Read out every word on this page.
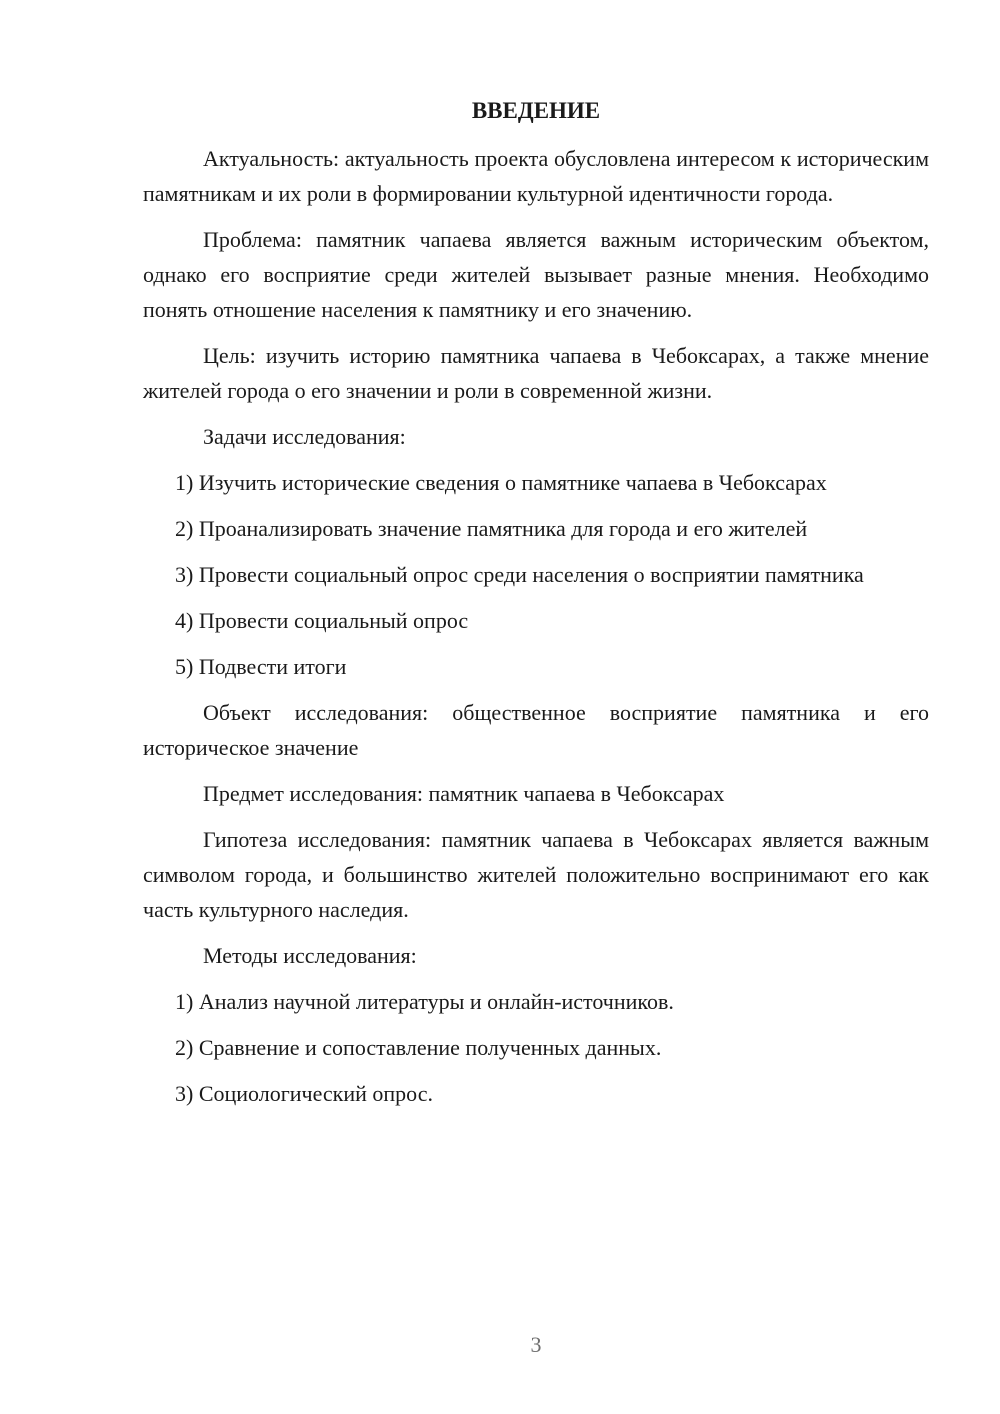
ВВЕДЕНИЕ

Актуальность: актуальность проекта обусловлена интересом к историческим памятникам и их роли в формировании культурной идентичности города.

Проблема: памятник чапаева является важным историческим объектом, однако его восприятие среди жителей вызывает разные мнения. Необходимо понять отношение населения к памятнику и его значению.

Цель: изучить историю памятника чапаева в Чебоксарах, а также мнение жителей города о его значении и роли в современной жизни.

Задачи исследования:

1) Изучить исторические сведения о памятнике чапаева в Чебоксарах

2) Проанализировать значение памятника для города и его жителей

3) Провести социальный опрос среди населения о восприятии памятника

4) Провести социальный опрос

5) Подвести итоги

Объект исследования: общественное восприятие памятника и его историческое значение

Предмет исследования: памятник чапаева в Чебоксарах

Гипотеза исследования: памятник чапаева в Чебоксарах является важным символом города, и большинство жителей положительно воспринимают его как часть культурного наследия.

Методы исследования:

1) Анализ научной литературы и онлайн-источников.

2) Сравнение и сопоставление полученных данных.

3) Социологический опрос.

3
